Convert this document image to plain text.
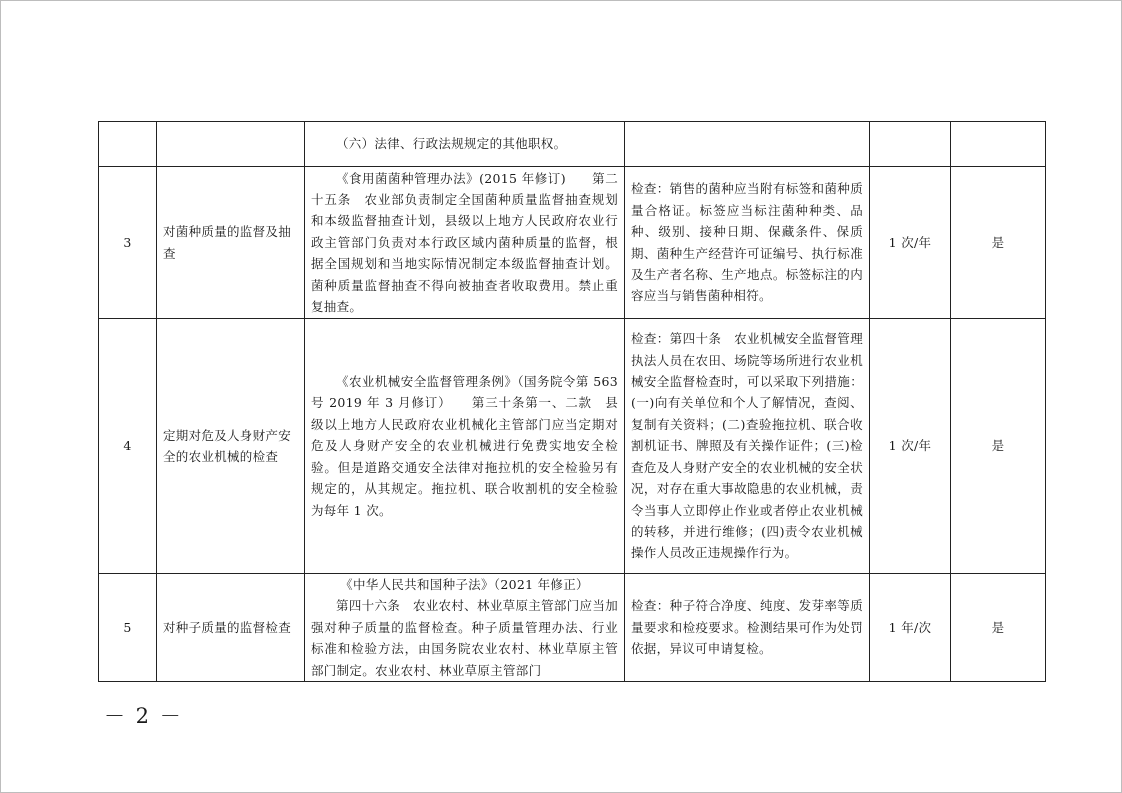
		（六）法律、行政法规规定的其他职权。			

3	对菌种质量的监督及抽查	《食用菌菌种管理办法》(2015 年修订)　　第二十五条　农业部负责制定全国菌种质量监督抽查规划和本级监督抽查计划，县级以上地方人民政府农业行政主管部门负责对本行政区域内菌种质量的监督，根据全国规划和当地实际情况制定本级监督抽查计划。菌种质量监督抽查不得向被抽查者收取费用。禁止重复抽查。	检查：销售的菌种应当附有标签和菌种质量合格证。标签应当标注菌种种类、品种、级别、接种日期、保藏条件、保质期、菌种生产经营许可证编号、执行标准及生产者名称、生产地点。标签标注的内容应当与销售菌种相符。	1 次/年	是
4	定期对危及人身财产安全的农业机械的检查	《农业机械安全监督管理条例》（国务院令第 563 号 2019 年 3 月修订）　　第三十条第一、二款　县级以上地方人民政府农业机械化主管部门应当定期对危及人身财产安全的农业机械进行免费实地安全检验。但是道路交通安全法律对拖拉机的安全检验另有规定的，从其规定。拖拉机、联合收割机的安全检验为每年 1 次。	检查：第四十条　农业机械安全监督管理执法人员在农田、场院等场所进行农业机械安全监督检查时，可以采取下列措施：(一)向有关单位和个人了解情况，查阅、复制有关资料；(二)查验拖拉机、联合收割机证书、牌照及有关操作证件；(三)检查危及人身财产安全的农业机械的安全状况，对存在重大事故隐患的农业机械，责令当事人立即停止作业或者停止农业机械的转移，并进行维修；(四)责令农业机械操作人员改正违规操作行为。	1 次/年	是
5	对种子质量的监督检查	《中华人民共和国种子法》（2021 年修正）
第四十六条　农业农村、林业草原主管部门应当加强对种子质量的监督检查。种子质量管理办法、行业标准和检验方法，由国务院农业农村、林业草原主管部门制定。农业农村、林业草原主管部门	检查：种子符合净度、纯度、发芽率等质量要求和检疫要求。检测结果可作为处罚依据，异议可申请复检。	1 年/次	是
－ 2 －
